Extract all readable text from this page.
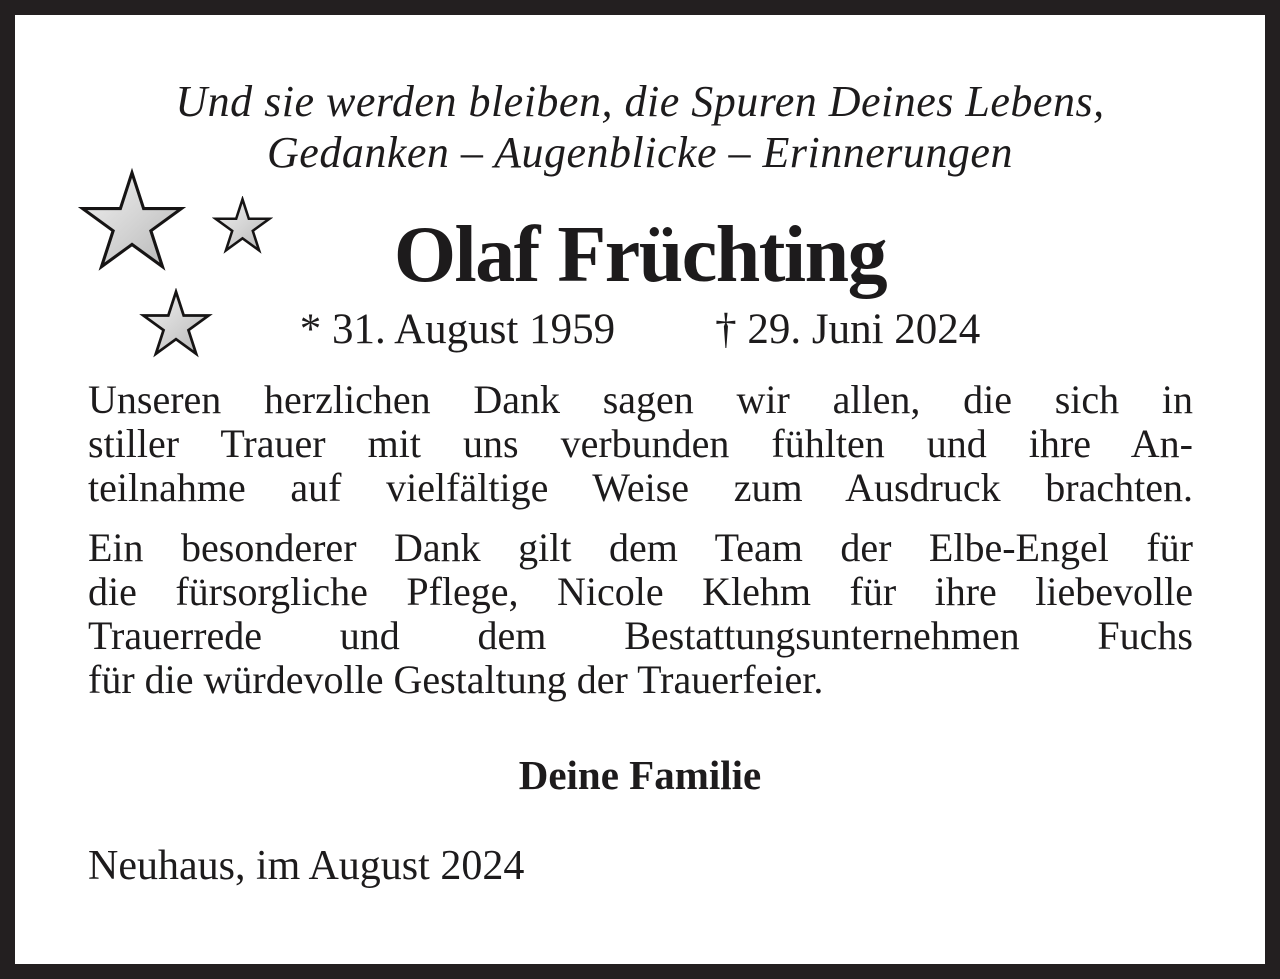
Und sie werden bleiben, die Spuren Deines Lebens,
Gedanken – Augenblicke – Erinnerungen
Olaf Früchting
* 31. August 1959 † 29. Juni 2024
Unseren herzlichen Dank sagen wir allen, die sich in
stiller Trauer mit uns verbunden fühlten und ihre An-
teilnahme auf vielfältige Weise zum Ausdruck brachten.
Ein besonderer Dank gilt dem Team der Elbe-Engel für
die fürsorgliche Pflege, Nicole Klehm für ihre liebevolle
Trauerrede und dem Bestattungsunternehmen Fuchs
für die würdevolle Gestaltung der Trauerfeier.
Deine Familie
Neuhaus, im August 2024
